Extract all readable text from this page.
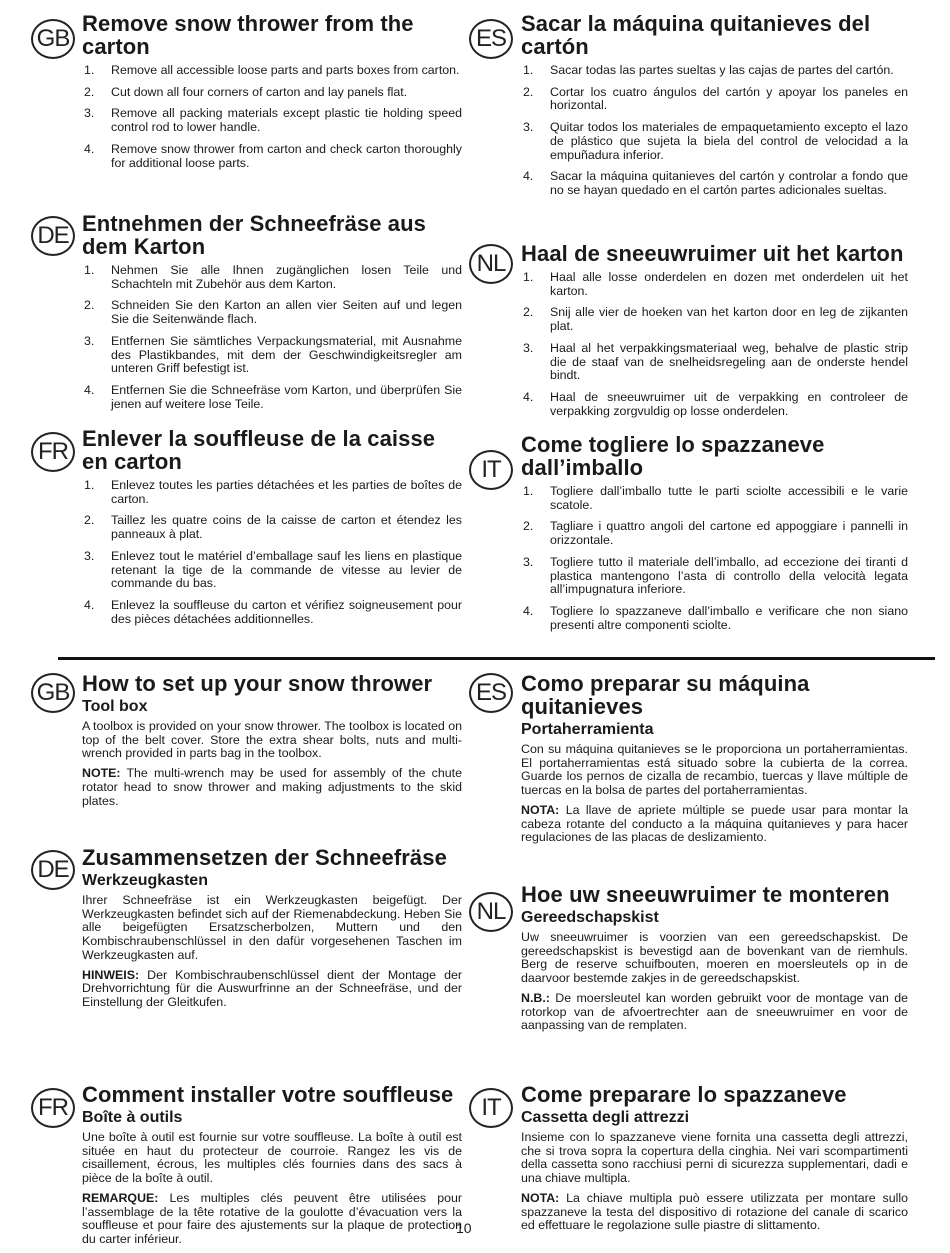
GB
DE
FR
ES
NL
IT
GB
DE
FR
ES
NL
IT
Remove snow thrower from the carton
1.	Remove all accessible loose parts and parts boxes from carton.
2.	Cut down all four corners of carton and lay panels flat.
3.	Remove all packing materials except plastic tie holding speed control rod to lower handle.
4.	Remove snow thrower from carton and check carton thoroughly for additional loose parts.
Entnehmen der Schneefräse aus dem Karton
1.	Nehmen Sie alle Ihnen zugänglichen losen Teile und Schachteln mit Zubehör aus dem Karton.
2.	Schneiden Sie den Karton an allen vier Seiten auf und legen Sie die Seitenwände flach.
3.	Entfernen Sie sämtliches Verpackungsmaterial, mit Ausnahme des Plastikbandes, mit dem der Geschwindigkeitsregler am unteren Griff befestigt ist.
4.	Entfernen Sie die Schneefräse vom Karton, und überprüfen Sie jenen auf weitere lose Teile.
Enlever la souffleuse de la caisse en carton
1.	Enlevez toutes les parties détachées et les parties de boîtes de carton.
2.	Taillez les quatre coins de la caisse de carton et étendez les panneaux à plat.
3.	Enlevez tout le matériel d’emballage sauf les liens en plastique retenant la tige de la commande de vitesse au levier de commande du bas.
4.	Enlevez la souffleuse du carton et vérifiez soigneusement pour des pièces détachées additionnelles.
Sacar la máquina quitanieves del cartón
1.	Sacar todas las partes sueltas y las cajas de partes del cartón.
2.	Cortar los cuatro ángulos del cartón y apoyar los paneles en horizontal.
3.	Quitar todos los materiales de empaquetamiento excepto el lazo de plástico que sujeta la biela del control de velocidad a la empuñadura inferior.
4.	Sacar la máquina quitanieves del cartón y controlar a fondo que no se hayan quedado en el cartón partes adicionales sueltas.
Haal de sneeuwruimer uit het karton
1.	Haal alle losse onderdelen en dozen met onderdelen uit het karton.
2.	Snij alle vier de hoeken van het karton door en leg de zijkanten plat.
3.	Haal al het verpakkingsmateriaal weg, behalve de plastic strip die de staaf van de snelheidsregeling aan de onderste hendel bindt.
4.	Haal de sneeuwruimer uit de verpakking en controleer de verpakking zorgvuldig op losse onderdelen.
Come togliere lo spazzaneve dall’imballo
1.	Togliere dall’imballo tutte le parti sciolte accessibili e le varie scatole.
2.	Tagliare i quattro angoli del cartone ed appoggiare i pannelli in orizzontale.
3.	Togliere tutto il materiale dell’imballo, ad eccezione dei tiranti d plastica mantengono l’asta di controllo della velocità legata all’impugnatura inferiore.
4.	Togliere lo spazzaneve dall’imballo e verificare che non siano presenti altre componenti sciolte.
How to set up your snow thrower
Tool box

A toolbox is provided on your snow thrower. The toolbox is located on top of the belt cover. Store the extra shear bolts, nuts and multi-wrench provided in parts bag in the toolbox.

NOTE: The multi-wrench may be used for assembly of the chute rotator head to snow thrower and making adjustments to the skid plates.

Zusammensetzen der Schneefräse
Werkzeugkasten

Ihrer Schneefräse ist ein Werkzeugkasten beigefügt. Der Werkzeugkasten befindet sich auf der Riemenabdeckung. Heben Sie alle beigefügten Ersatzscherbolzen, Muttern und den Kombischraubenschlüssel in den dafür vorgesehenen Taschen im Werkzeugkasten auf.

HINWEIS: Der Kombischraubenschlüssel dient der Montage der Drehvorrichtung für die Auswurfrinne an der Schneefräse, und der Einstellung der Gleitkufen.

Comment installer votre souffleuse
Boîte à outils

Une boîte à outil est fournie sur votre souffleuse. La boîte à outil est située en haut du protecteur de courroie. Rangez les vis de cisaillement, écrous, les multiples clés fournies dans des sacs à pièce de la boîte à outil.

REMARQUE: Les multiples clés peuvent être utilisées pour l’assemblage de la tête rotative de la goulotte d’évacuation vers la souffleuse et pour faire des ajustements sur la plaque de protection du carter inférieur.

Como preparar su máquina quitanieves
Portaherramienta

Con su máquina quitanieves se le proporciona un portaherramientas. El portaherramientas está situado sobre la cubierta de la correa. Guarde los pernos de cizalla de recambio, tuercas y llave múltiple de tuercas en la bolsa de partes del portaherramientas.

NOTA: La llave de apriete múltiple se puede usar para montar la cabeza rotante del conducto a la máquina quitanieves y para hacer regulaciones de las placas de deslizamiento.

Hoe uw sneeuwruimer te monteren
Gereedschapskist

Uw sneeuwruimer is voorzien van een gereedschapskist. De gereedschapskist is bevestigd aan de bovenkant van de riemhuls. Berg de reserve schuifbouten, moeren en moersleutels op in de daarvoor bestemde zakjes in de gereedschapskist.

N.B.: De moersleutel kan worden gebruikt voor de montage van de rotorkop van de afvoertrechter aan de sneeuwruimer en voor de aanpassing van de remplaten.

Come preparare lo spazzaneve
Cassetta degli attrezzi

Insieme con lo spazzaneve viene fornita una cassetta degli attrezzi, che si trova sopra la copertura della cinghia. Nei vari scompartimenti della cassetta sono racchiusi perni di sicurezza supplementari, dadi e una chiave multipla.

NOTA: La chiave multipla può essere utilizzata per montare sullo spazzaneve la testa del dispositivo di rotazione del canale di scarico ed effettuare le regolazione sulle piastre di slittamento.

10
